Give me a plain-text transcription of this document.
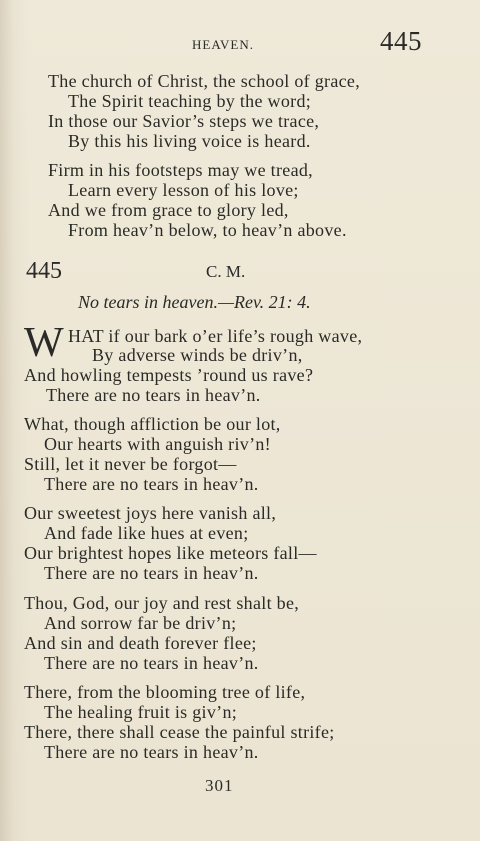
HEAVEN.	445
The church of Christ, the school of grace,
The Spirit teaching by the word;
In those our Savior’s steps we trace,
By this his living voice is heard.
Firm in his footsteps may we tread,
Learn every lesson of his love;
And we from grace to glory led,
From heav’n below, to heav’n above.
445	C. M.
No tears in heaven.—Rev. 21: 4.
W HAT if our bark o’er life’s rough wave,
By adverse winds be driv’n,
And howling tempests ’round us rave?
There are no tears in heav’n.
What, though affliction be our lot,
Our hearts with anguish riv’n!
Still, let it never be forgot—
There are no tears in heav’n.
Our sweetest joys here vanish all,
And fade like hues at even;
Our brightest hopes like meteors fall—
There are no tears in heav’n.
Thou, God, our joy and rest shalt be,
And sorrow far be driv’n;
And sin and death forever flee;
There are no tears in heav’n.
There, from the blooming tree of life,
The healing fruit is giv’n;
There, there shall cease the painful strife;
There are no tears in heav’n.
301
